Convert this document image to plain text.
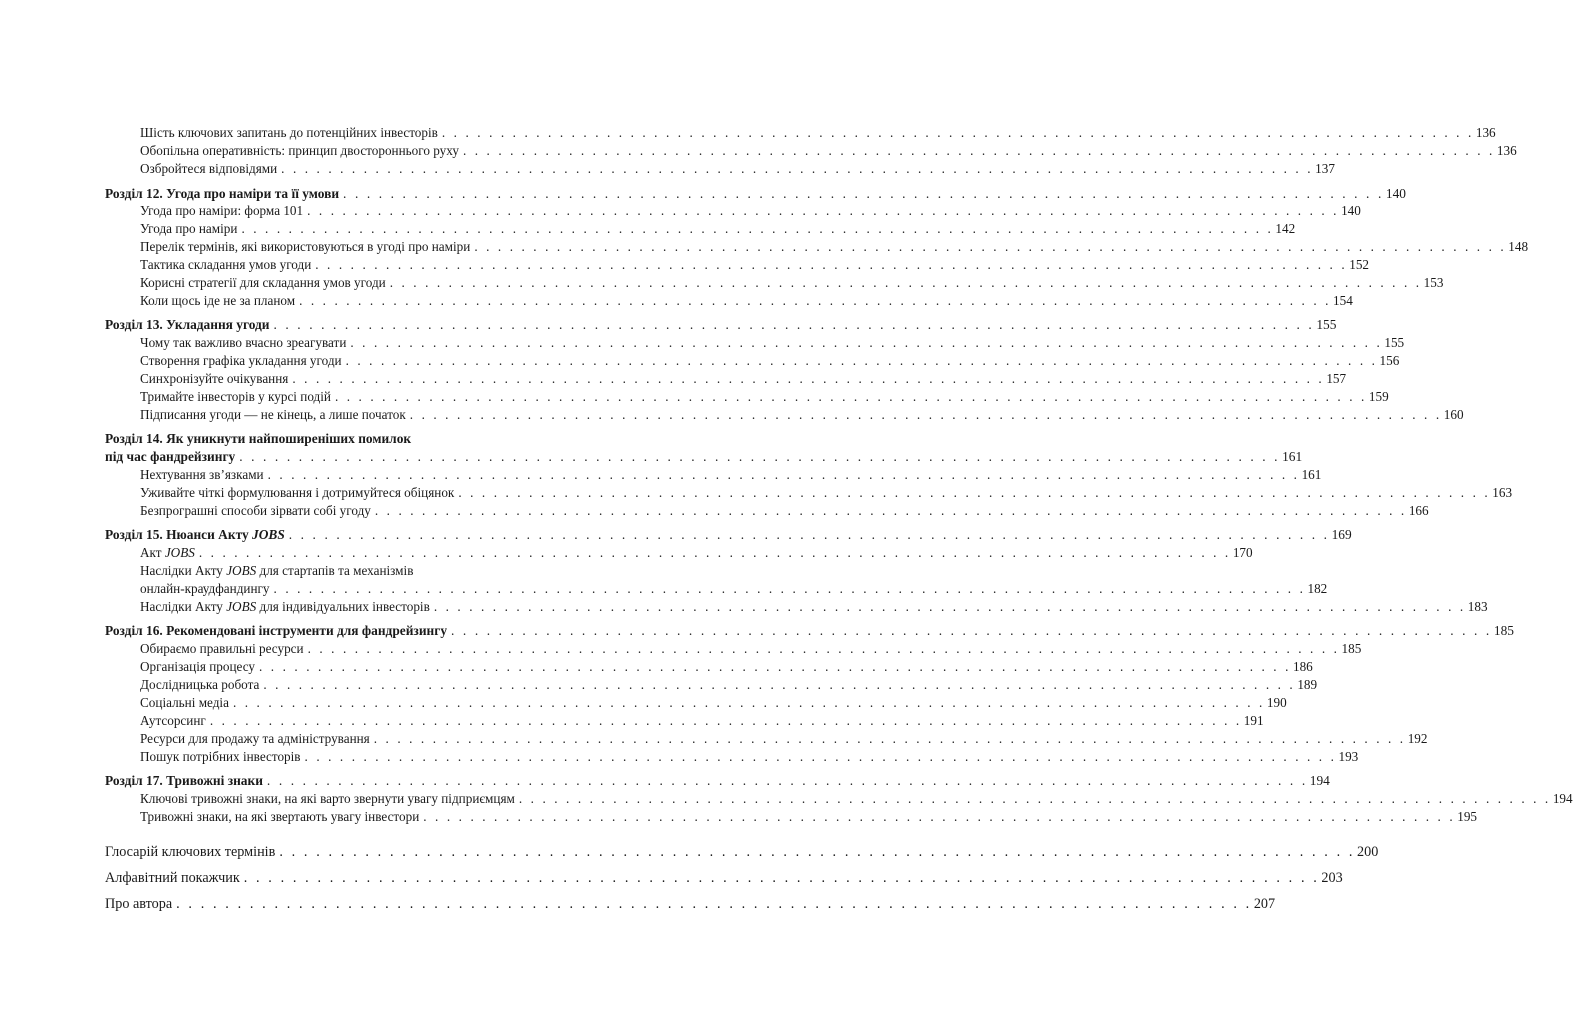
Шість ключових запитань до потенційних інвесторів . . . . . . . . . . . . . . . . . . . . . . . . . . . . . . . . . . . . . . . . . . . . . . . . . . . . . . . . . . . . . . . . . . . . . . . . . . . . . . . . . . . . . . . . 136
Обопільна оперативність: принцип двостороннього руху . . . . . . . . . . . . . . . . . . . . . . . . . . . . . . . . . . . . . . . . . . . . . . . . . . . . . . . . . . . . . . . . . . . . . . . . . . . . . . . . . . . . . . . . 136
Озбройтеся відповідями . . . . . . . . . . . . . . . . . . . . . . . . . . . . . . . . . . . . . . . . . . . . . . . . . . . . . . . . . . . . . . . . . . . . . . . . . . . . . . . . . . . . . . . . 137
Розділ 12. Угода про наміри та її умови . . . . . . . . . . . . . . . . . . . . . . . . . . . . . . . . . . . . . . . . . . . . . . . . . . . . . . . . . . . . . . . . . . . . . . . . . . . . . . . . . . . . . . . . 140
Угода про наміри: форма 101 . . . . . . . . . . . . . . . . . . . . . . . . . . . . . . . . . . . . . . . . . . . . . . . . . . . . . . . . . . . . . . . . . . . . . . . . . . . . . . . . . . . . . . . . 140
Угода про наміри . . . . . . . . . . . . . . . . . . . . . . . . . . . . . . . . . . . . . . . . . . . . . . . . . . . . . . . . . . . . . . . . . . . . . . . . . . . . . . . . . . . . . . . . 142
Перелік термінів, які використовуються в угоді про наміри . . . . . . . . . . . . . . . . . . . . . . . . . . . . . . . . . . . . . . . . . . . . . . . . . . . . . . . . . . . . . . . . . . . . . . . . . . . . . . . . . . . . . . . . 148
Тактика складання умов угоди . . . . . . . . . . . . . . . . . . . . . . . . . . . . . . . . . . . . . . . . . . . . . . . . . . . . . . . . . . . . . . . . . . . . . . . . . . . . . . . . . . . . . . . . 152
Корисні стратегії для складання умов угоди . . . . . . . . . . . . . . . . . . . . . . . . . . . . . . . . . . . . . . . . . . . . . . . . . . . . . . . . . . . . . . . . . . . . . . . . . . . . . . . . . . . . . . . . 153
Коли щось іде не за планом . . . . . . . . . . . . . . . . . . . . . . . . . . . . . . . . . . . . . . . . . . . . . . . . . . . . . . . . . . . . . . . . . . . . . . . . . . . . . . . . . . . . . . . . 154
Розділ 13. Укладання угоди . . . . . . . . . . . . . . . . . . . . . . . . . . . . . . . . . . . . . . . . . . . . . . . . . . . . . . . . . . . . . . . . . . . . . . . . . . . . . . . . . . . . . . . . 155
Чому так важливо вчасно зреагувати . . . . . . . . . . . . . . . . . . . . . . . . . . . . . . . . . . . . . . . . . . . . . . . . . . . . . . . . . . . . . . . . . . . . . . . . . . . . . . . . . . . . . . . . 155
Створення графіка укладання угоди . . . . . . . . . . . . . . . . . . . . . . . . . . . . . . . . . . . . . . . . . . . . . . . . . . . . . . . . . . . . . . . . . . . . . . . . . . . . . . . . . . . . . . . . 156
Синхронізуйте очікування . . . . . . . . . . . . . . . . . . . . . . . . . . . . . . . . . . . . . . . . . . . . . . . . . . . . . . . . . . . . . . . . . . . . . . . . . . . . . . . . . . . . . . . . 157
Тримайте інвесторів у курсі подій . . . . . . . . . . . . . . . . . . . . . . . . . . . . . . . . . . . . . . . . . . . . . . . . . . . . . . . . . . . . . . . . . . . . . . . . . . . . . . . . . . . . . . . . 159
Підписання угоди — не кінець, а лише початок . . . . . . . . . . . . . . . . . . . . . . . . . . . . . . . . . . . . . . . . . . . . . . . . . . . . . . . . . . . . . . . . . . . . . . . . . . . . . . . . . . . . . . . . 160
Розділ 14. Як уникнути найпоширеніших помилок
під час фандрейзингу . . . . . . . . . . . . . . . . . . . . . . . . . . . . . . . . . . . . . . . . . . . . . . . . . . . . . . . . . . . . . . . . . . . . . . . . . . . . . . . . . . . . . . . . 161
Нехтування зв’язками . . . . . . . . . . . . . . . . . . . . . . . . . . . . . . . . . . . . . . . . . . . . . . . . . . . . . . . . . . . . . . . . . . . . . . . . . . . . . . . . . . . . . . . . 161
Уживайте чіткі формулювання і дотримуйтеся обіцянок . . . . . . . . . . . . . . . . . . . . . . . . . . . . . . . . . . . . . . . . . . . . . . . . . . . . . . . . . . . . . . . . . . . . . . . . . . . . . . . . . . . . . . . . 163
Безпрограшні способи зірвати собі угоду . . . . . . . . . . . . . . . . . . . . . . . . . . . . . . . . . . . . . . . . . . . . . . . . . . . . . . . . . . . . . . . . . . . . . . . . . . . . . . . . . . . . . . . . 166
Розділ 15. Нюанси Акту JOBS . . . . . . . . . . . . . . . . . . . . . . . . . . . . . . . . . . . . . . . . . . . . . . . . . . . . . . . . . . . . . . . . . . . . . . . . . . . . . . . . . . . . . . . . 169
Акт JOBS . . . . . . . . . . . . . . . . . . . . . . . . . . . . . . . . . . . . . . . . . . . . . . . . . . . . . . . . . . . . . . . . . . . . . . . . . . . . . . . . . . . . . . . . 170
Наслідки Акту JOBS для стартапів та механізмів
онлайн-краудфандингу . . . . . . . . . . . . . . . . . . . . . . . . . . . . . . . . . . . . . . . . . . . . . . . . . . . . . . . . . . . . . . . . . . . . . . . . . . . . . . . . . . . . . . . . 182
Наслідки Акту JOBS для індивідуальних інвесторів . . . . . . . . . . . . . . . . . . . . . . . . . . . . . . . . . . . . . . . . . . . . . . . . . . . . . . . . . . . . . . . . . . . . . . . . . . . . . . . . . . . . . . . . 183
Розділ 16. Рекомендовані інструменти для фандрейзингу . . . . . . . . . . . . . . . . . . . . . . . . . . . . . . . . . . . . . . . . . . . . . . . . . . . . . . . . . . . . . . . . . . . . . . . . . . . . . . . . . . . . . . . . 185
Обираємо правильні ресурси . . . . . . . . . . . . . . . . . . . . . . . . . . . . . . . . . . . . . . . . . . . . . . . . . . . . . . . . . . . . . . . . . . . . . . . . . . . . . . . . . . . . . . . . 185
Організація процесу . . . . . . . . . . . . . . . . . . . . . . . . . . . . . . . . . . . . . . . . . . . . . . . . . . . . . . . . . . . . . . . . . . . . . . . . . . . . . . . . . . . . . . . . 186
Дослідницька робота . . . . . . . . . . . . . . . . . . . . . . . . . . . . . . . . . . . . . . . . . . . . . . . . . . . . . . . . . . . . . . . . . . . . . . . . . . . . . . . . . . . . . . . . 189
Соціальні медіа . . . . . . . . . . . . . . . . . . . . . . . . . . . . . . . . . . . . . . . . . . . . . . . . . . . . . . . . . . . . . . . . . . . . . . . . . . . . . . . . . . . . . . . . 190
Аутсорсинг . . . . . . . . . . . . . . . . . . . . . . . . . . . . . . . . . . . . . . . . . . . . . . . . . . . . . . . . . . . . . . . . . . . . . . . . . . . . . . . . . . . . . . . . 191
Ресурси для продажу та адміністрування . . . . . . . . . . . . . . . . . . . . . . . . . . . . . . . . . . . . . . . . . . . . . . . . . . . . . . . . . . . . . . . . . . . . . . . . . . . . . . . . . . . . . . . . 192
Пошук потрібних інвесторів . . . . . . . . . . . . . . . . . . . . . . . . . . . . . . . . . . . . . . . . . . . . . . . . . . . . . . . . . . . . . . . . . . . . . . . . . . . . . . . . . . . . . . . . 193
Розділ 17. Тривожні знаки . . . . . . . . . . . . . . . . . . . . . . . . . . . . . . . . . . . . . . . . . . . . . . . . . . . . . . . . . . . . . . . . . . . . . . . . . . . . . . . . . . . . . . . . 194
Ключові тривожні знаки, на які варто звернути увагу підприємцям . . . . . . . . . . . . . . . . . . . . . . . . . . . . . . . . . . . . . . . . . . . . . . . . . . . . . . . . . . . . . . . . . . . . . . . . . . . . . . . . . . . . . . . . 194
Тривожні знаки, на які звертають увагу інвестори . . . . . . . . . . . . . . . . . . . . . . . . . . . . . . . . . . . . . . . . . . . . . . . . . . . . . . . . . . . . . . . . . . . . . . . . . . . . . . . . . . . . . . . . 195
Глосарій ключових термінів . . . . . . . . . . . . . . . . . . . . . . . . . . . . . . . . . . . . . . . . . . . . . . . . . . . . . . . . . . . . . . . . . . . . . . . . . . . . . . . . . . . . . . . . 200
Алфавітний покажчик . . . . . . . . . . . . . . . . . . . . . . . . . . . . . . . . . . . . . . . . . . . . . . . . . . . . . . . . . . . . . . . . . . . . . . . . . . . . . . . . . . . . . . . . 203
Про автора . . . . . . . . . . . . . . . . . . . . . . . . . . . . . . . . . . . . . . . . . . . . . . . . . . . . . . . . . . . . . . . . . . . . . . . . . . . . . . . . . . . . . . . . 207
